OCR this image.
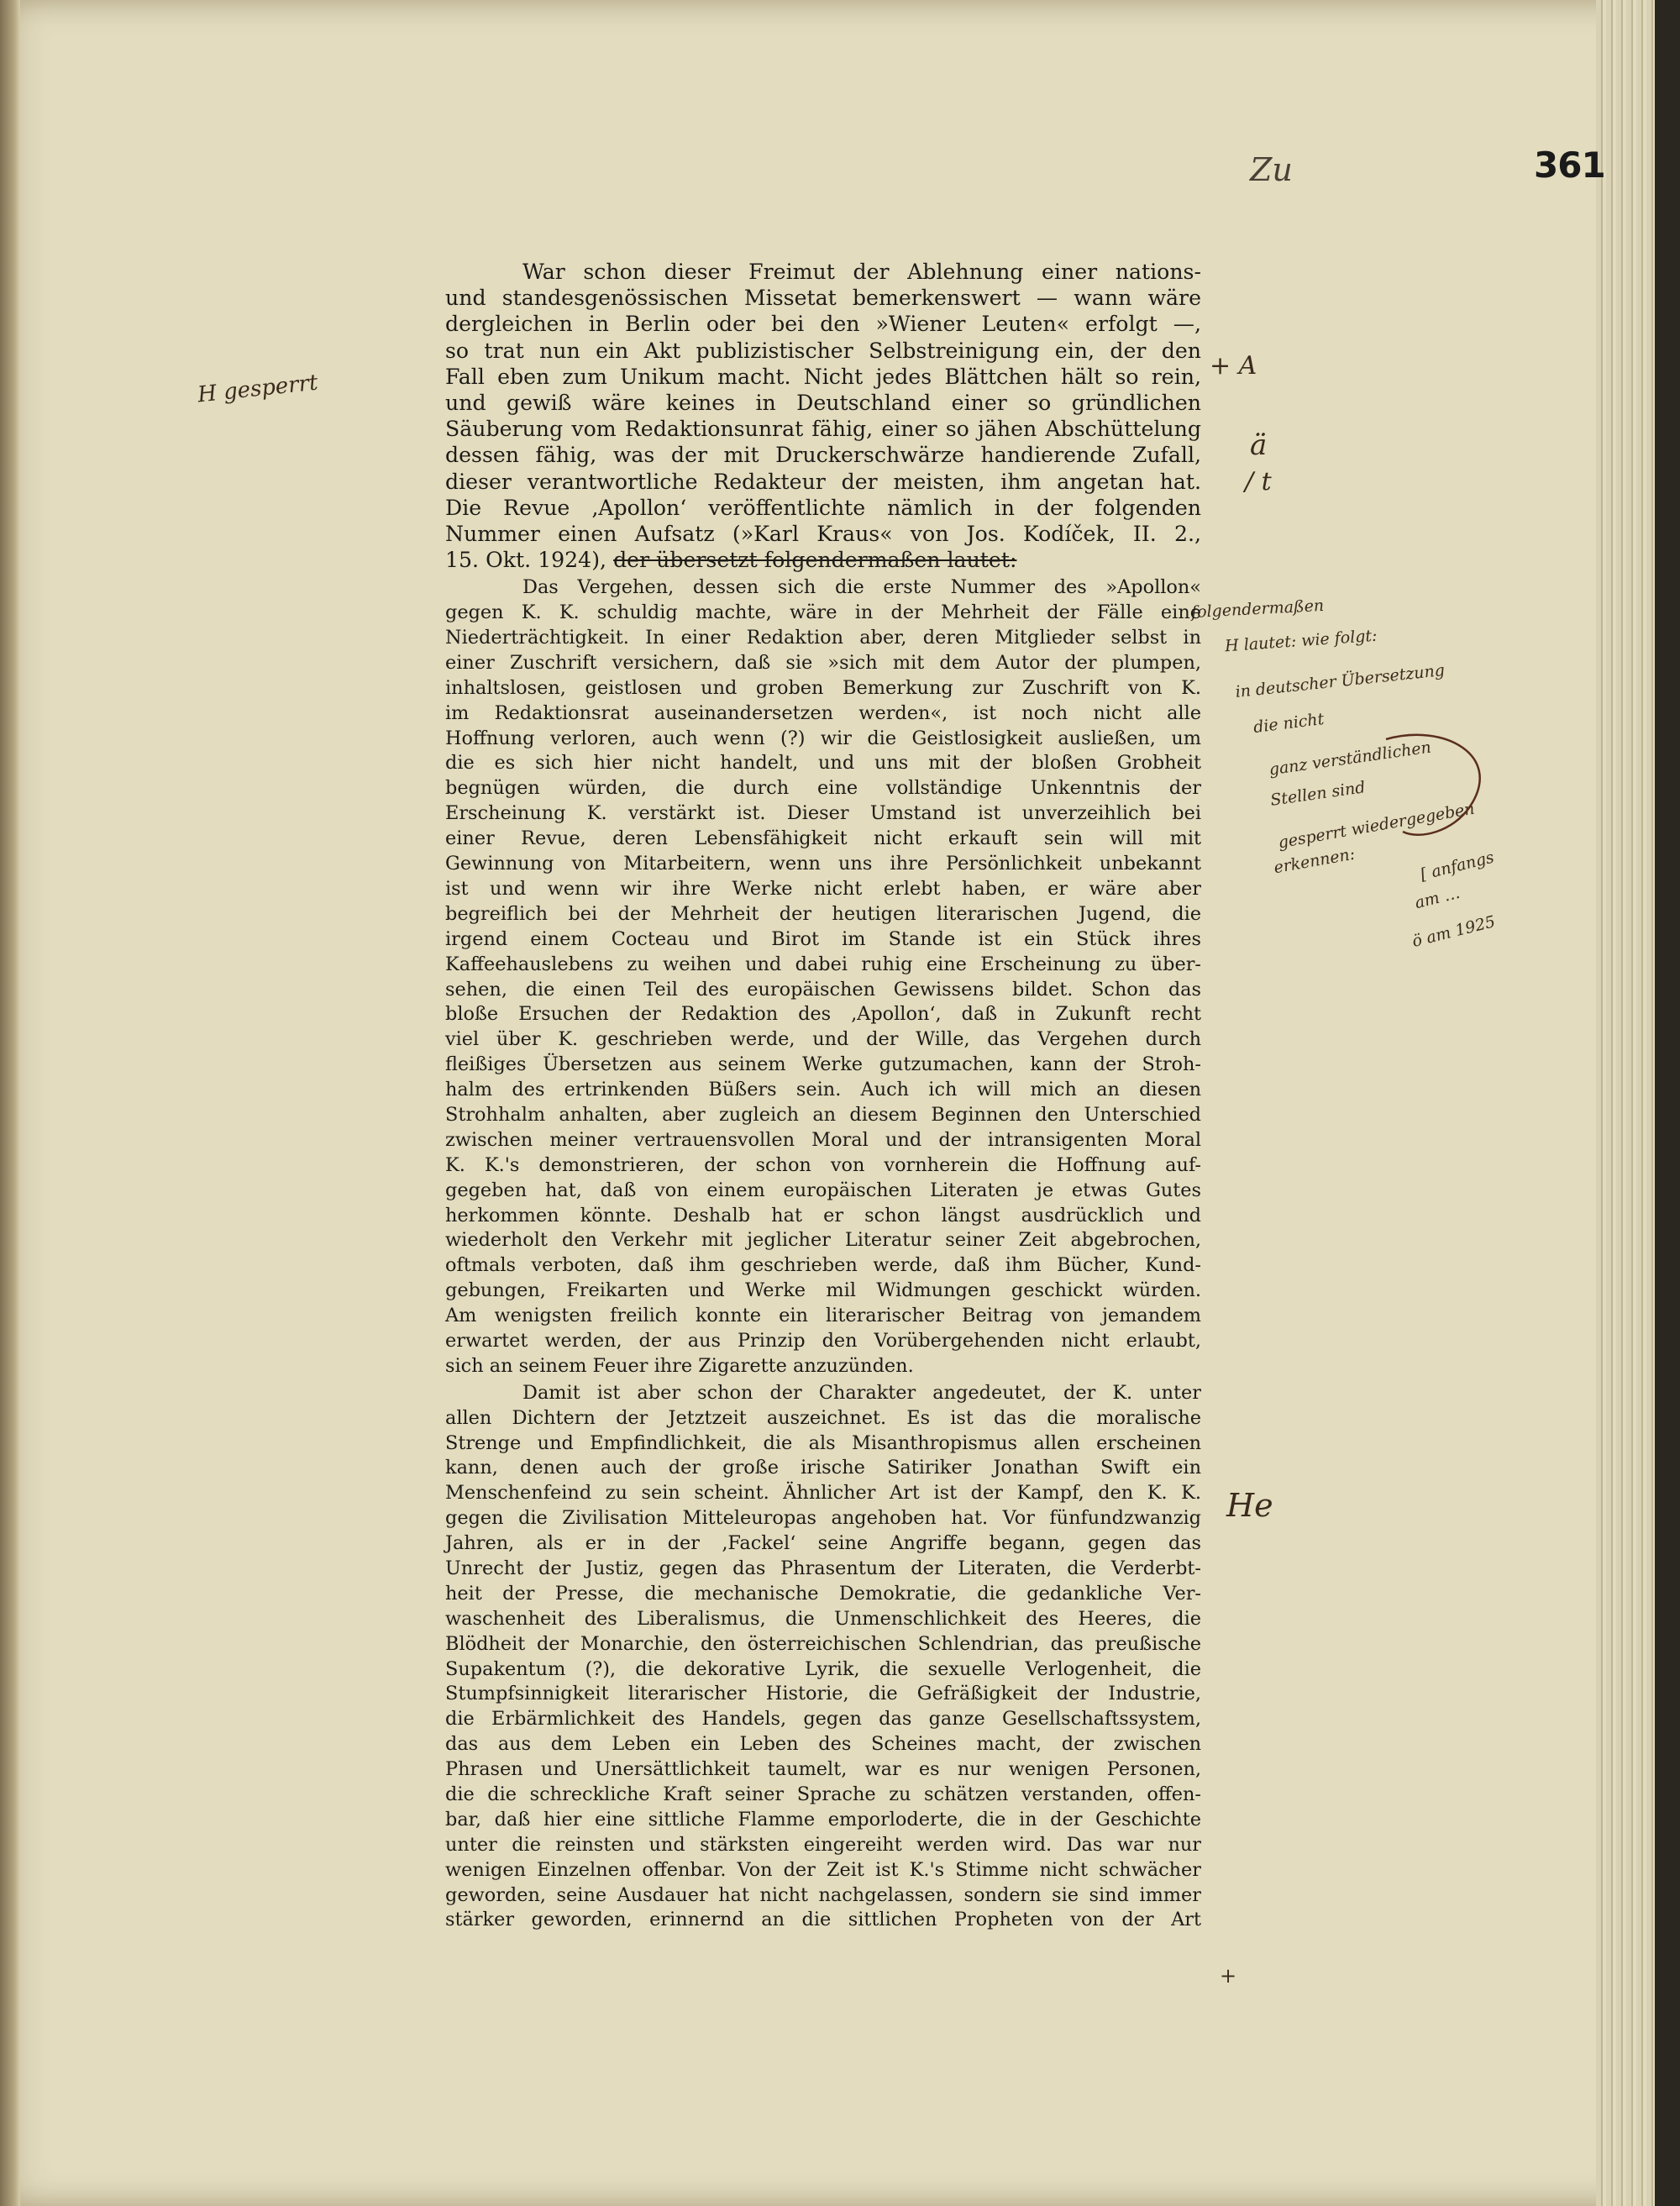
361
Zu
H gesperrt
+ A
ä
/ t
folgendermaßen
H lautet: wie folgt:
in deutscher Übersetzung
die nicht
ganz verständlichen
Stellen sind
gesperrt wiedergegeben
erkennen:	[ anfangs
am …
ö am 1925
He
+
War schon dieser Freimut der Ablehnung einer nations-
und standesgenössischen Missetat bemerkenswert — wann wäre
dergleichen in Berlin oder bei den »Wiener Leuten« erfolgt —,
so trat nun ein Akt publizistischer Selbstreinigung ein, der den
Fall eben zum Unikum macht. Nicht jedes Blättchen hält so rein,
und gewiß wäre keines in Deutschland einer so gründlichen
Säuberung vom Redaktionsunrat fähig, einer so jähen Abschüttelung
dessen fähig, was der mit Druckerschwärze handierende Zufall,
dieser verantwortliche Redakteur der meisten, ihm angetan hat.
Die Revue ‚Apollon‘ veröffentlichte nämlich in der folgenden
Nummer einen Aufsatz (»Karl Kraus« von Jos. Kodíček, II. 2.,
15. Okt. 1924), der übersetzt folgendermaßen lautet:
Das Vergehen, dessen sich die erste Nummer des »Apollon«
gegen K. K. schuldig machte, wäre in der Mehrheit der Fälle eine
Niederträchtigkeit. In einer Redaktion aber, deren Mitglieder selbst in
einer Zuschrift versichern, daß sie »sich mit dem Autor der plumpen,
inhaltslosen, geistlosen und groben Bemerkung zur Zuschrift von K.
im Redaktionsrat auseinandersetzen werden«, ist noch nicht alle
Hoffnung verloren, auch wenn (?) wir die Geistlosigkeit ausließen, um
die es sich hier nicht handelt, und uns mit der bloßen Grobheit
begnügen würden, die durch eine vollständige Unkenntnis der
Erscheinung K. verstärkt ist. Dieser Umstand ist unverzeihlich bei
einer Revue, deren Lebensfähigkeit nicht erkauft sein will mit
Gewinnung von Mitarbeitern, wenn uns ihre Persönlichkeit unbekannt
ist und wenn wir ihre Werke nicht erlebt haben, er wäre aber
begreiflich bei der Mehrheit der heutigen literarischen Jugend, die
irgend einem Cocteau und Birot im Stande ist ein Stück ihres
Kaffeehauslebens zu weihen und dabei ruhig eine Erscheinung zu über-
sehen, die einen Teil des europäischen Gewissens bildet. Schon das
bloße Ersuchen der Redaktion des ‚Apollon‘, daß in Zukunft recht
viel über K. geschrieben werde, und der Wille, das Vergehen durch
fleißiges Übersetzen aus seinem Werke gutzumachen, kann der Stroh-
halm des ertrinkenden Büßers sein. Auch ich will mich an diesen
Strohhalm anhalten, aber zugleich an diesem Beginnen den Unterschied
zwischen meiner vertrauensvollen Moral und der intransigenten Moral
K. K.'s demonstrieren, der schon von vornherein die Hoffnung auf-
gegeben hat, daß von einem europäischen Literaten je etwas Gutes
herkommen könnte. Deshalb hat er schon längst ausdrücklich und
wiederholt den Verkehr mit jeglicher Literatur seiner Zeit abgebrochen,
oftmals verboten, daß ihm geschrieben werde, daß ihm Bücher, Kund-
gebungen, Freikarten und Werke mil Widmungen geschickt würden.
Am wenigsten freilich konnte ein literarischer Beitrag von jemandem
erwartet werden, der aus Prinzip den Vorübergehenden nicht erlaubt,
sich an seinem Feuer ihre Zigarette anzuzünden.
Damit ist aber schon der Charakter angedeutet, der K. unter
allen Dichtern der Jetztzeit auszeichnet. Es ist das die moralische
Strenge und Empfindlichkeit, die als Misanthropismus allen erscheinen
kann, denen auch der große irische Satiriker Jonathan Swift ein
Menschenfeind zu sein scheint. Ähnlicher Art ist der Kampf, den K. K.
gegen die Zivilisation Mitteleuropas angehoben hat. Vor fünfundzwanzig
Jahren, als er in der ‚Fackel‘ seine Angriffe begann, gegen das
Unrecht der Justiz, gegen das Phrasentum der Literaten, die Verderbt-
heit der Presse, die mechanische Demokratie, die gedankliche Ver-
waschenheit des Liberalismus, die Unmenschlichkeit des Heeres, die
Blödheit der Monarchie, den österreichischen Schlendrian, das preußische
Supakentum (?), die dekorative Lyrik, die sexuelle Verlogenheit, die
Stumpfsinnigkeit literarischer Historie, die Gefräßigkeit der Industrie,
die Erbärmlichkeit des Handels, gegen das ganze Gesellschaftssystem,
das aus dem Leben ein Leben des Scheines macht, der zwischen
Phrasen und Unersättlichkeit taumelt, war es nur wenigen Personen,
die die schreckliche Kraft seiner Sprache zu schätzen verstanden, offen-
bar, daß hier eine sittliche Flamme emporloderte, die in der Geschichte
unter die reinsten und stärksten eingereiht werden wird. Das war nur
wenigen Einzelnen offenbar. Von der Zeit ist K.'s Stimme nicht schwächer
geworden, seine Ausdauer hat nicht nachgelassen, sondern sie sind immer
stärker geworden, erinnernd an die sittlichen Propheten von der Art
